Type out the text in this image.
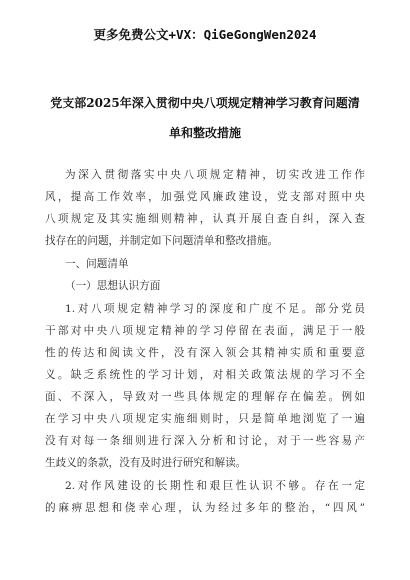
更多免费公文+VX：QiGeGongWen2024
党支部2025年深入贯彻中央八项规定精神学习教育问题清
单和整改措施
为深入贯彻落实中央八项规定精神，切实改进工作作
风，提高工作效率，加强党风廉政建设，党支部对照中央
八项规定及其实施细则精神，认真开展自查自纠，深入查
找存在的问题，并制定如下问题清单和整改措施。
一、问题清单
（一）思想认识方面
1.对八项规定精神学习的深度和广度不足。部分党员
干部对中央八项规定精神的学习停留在表面，满足于一般
性的传达和阅读文件，没有深入领会其精神实质和重要意
义。缺乏系统性的学习计划，对相关政策法规的学习不全
面、不深入，导致对一些具体规定的理解存在偏差。例如
在学习中央八项规定实施细则时，只是简单地浏览了一遍
没有对每一条细则进行深入分析和讨论，对于一些容易产
生歧义的条款，没有及时进行研究和解读。
2.对作风建设的长期性和艰巨性认识不够。存在一定
的麻痹思想和侥幸心理，认为经过多年的整治，“四风”
